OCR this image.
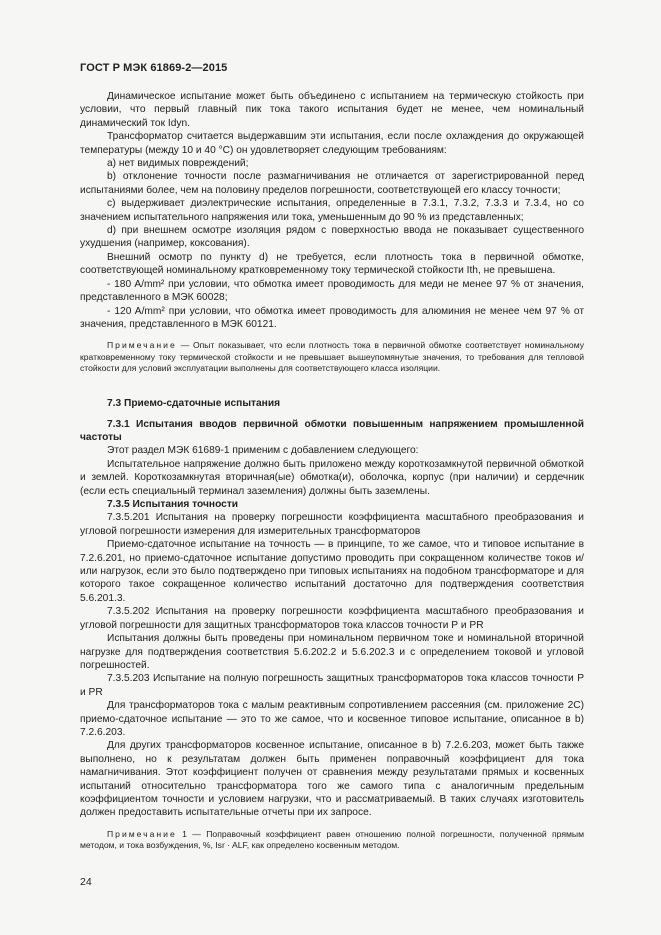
ГОСТ Р МЭК 61869-2—2015

Динамическое испытание может быть объединено с испытанием на термическую стойкость при условии, что первый главный пик тока такого испытания будет не менее, чем номинальный динамический ток Idyn.

Трансформатор считается выдержавшим эти испытания, если после охлаждения до окружающей температуры (между 10 и 40 °C) он удовлетворяет следующим требованиям:

а) нет видимых повреждений;

b) отклонение точности после размагничивания не отличается от зарегистрированной перед испытаниями более, чем на половину пределов погрешности, соответствующей его классу точности;

c) выдерживает диэлектрические испытания, определенные в 7.3.1, 7.3.2, 7.3.3 и 7.3.4, но со значением испытательного напряжения или тока, уменьшенным до 90 % из представленных;

d) при внешнем осмотре изоляция рядом с поверхностью ввода не показывает существенного ухудшения (например, коксования).

Внешний осмотр по пункту d) не требуется, если плотность тока в первичной обмотке, соответствующей номинальному кратковременному току термической стойкости Ith, не превышена.

- 180 A/mm² при условии, что обмотка имеет проводимость для меди не менее 97 % от значения, представленного в МЭК 60028;

- 120 A/mm² при условии, что обмотка имеет проводимость для алюминия не менее чем 97 % от значения, представленного в МЭК 60121.

Примечание — Опыт показывает, что если плотность тока в первичной обмотке соответствует номинальному кратковременному току термической стойкости и не превышает вышеупомянутые значения, то требования для тепловой стойкости для условий эксплуатации выполнены для соответствующего класса изоляции.

7.3 Приемо-сдаточные испытания

7.3.1 Испытания вводов первичной обмотки повышенным напряжением промышленной частоты

Этот раздел МЭК 61689-1 применим с добавлением следующего:

Испытательное напряжение должно быть приложено между короткозамкнутой первичной обмоткой и землей. Короткозамкнутая вторичная(ые) обмотка(и), оболочка, корпус (при наличии) и сердечник (если есть специальный терминал заземления) должны быть заземлены.

7.3.5 Испытания точности

7.3.5.201 Испытания на проверку погрешности коэффициента масштабного преобразования и угловой погрешности измерения для измерительных трансформаторов

Приемо-сдаточное испытание на точность — в принципе, то же самое, что и типовое испытание в 7.2.6.201, но приемо-сдаточное испытание допустимо проводить при сокращенном количестве токов и/или нагрузок, если это было подтверждено при типовых испытаниях на подобном трансформаторе и для которого такое сокращенное количество испытаний достаточно для подтверждения соответствия 5.6.201.3.

7.3.5.202 Испытания на проверку погрешности коэффициента масштабного преобразования и угловой погрешности для защитных трансформаторов тока классов точности Р и PR

Испытания должны быть проведены при номинальном первичном токе и номинальной вторичной нагрузке для подтверждения соответствия 5.6.202.2 и 5.6.202.3 и с определением токовой и угловой погрешностей.

7.3.5.203 Испытание на полную погрешность защитных трансформаторов тока классов точности Р и PR

Для трансформаторов тока с малым реактивным сопротивлением рассеяния (см. приложение 2С) приемо-сдаточное испытание — это то же самое, что и косвенное типовое испытание, описанное в b) 7.2.6.203.

Для других трансформаторов косвенное испытание, описанное в b) 7.2.6.203, может быть также выполнено, но к результатам должен быть применен поправочный коэффициент для тока намагничивания. Этот коэффициент получен от сравнения между результатами прямых и косвенных испытаний относительно трансформатора того же самого типа с аналогичным предельным коэффициентом точности и условием нагрузки, что и рассматриваемый. В таких случаях изготовитель должен предоставить испытательные отчеты при их запросе.

Примечание 1 — Поправочный коэффициент равен отношению полной погрешности, полученной прямым методом, и тока возбуждения, %, Isr · ALF, как определено косвенным методом.

24
